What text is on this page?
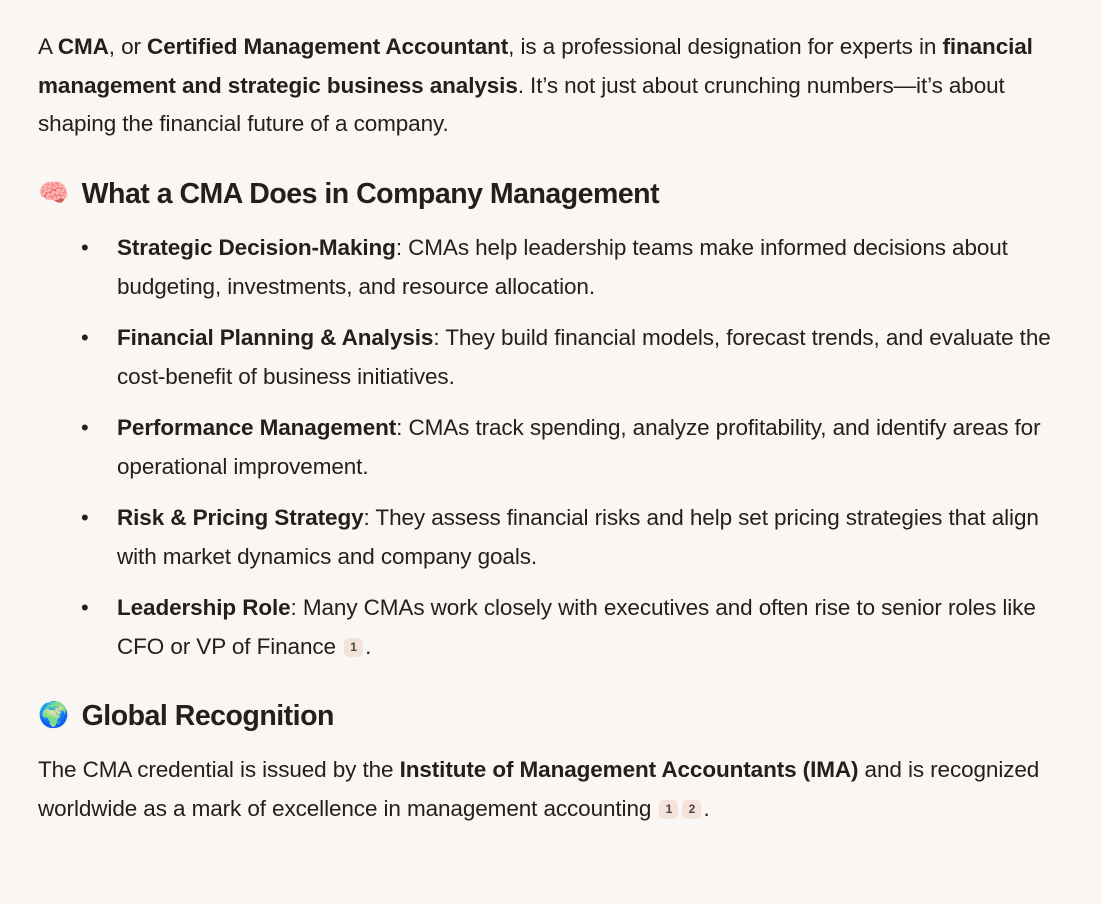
A CMA, or Certified Management Accountant, is a professional designation for experts in financial management and strategic business analysis. It’s not just about crunching numbers—it’s about shaping the financial future of a company.

🧠 What a CMA Does in Company Management
• Strategic Decision-Making: CMAs help leadership teams make informed decisions about budgeting, investments, and resource allocation.
• Financial Planning & Analysis: They build financial models, forecast trends, and evaluate the cost-benefit of business initiatives.
• Performance Management: CMAs track spending, analyze profitability, and identify areas for operational improvement.
• Risk & Pricing Strategy: They assess financial risks and help set pricing strategies that align with market dynamics and company goals.
• Leadership Role: Many CMAs work closely with executives and often rise to senior roles like CFO or VP of Finance 1 .
🌍 Global Recognition

The CMA credential is issued by the Institute of Management Accountants (IMA) and is recognized worldwide as a mark of excellence in management accounting 1 2 .
